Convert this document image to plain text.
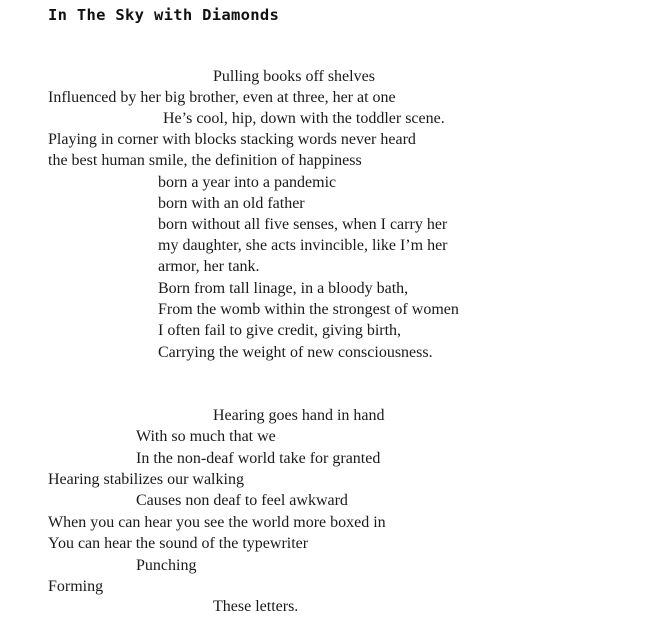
In The Sky with Diamonds
Pulling books off shelves
Influenced by her big brother, even at three, her at one
He’s cool, hip, down with the toddler scene.
Playing in corner with blocks stacking words never heard
the best human smile, the definition of happiness
born a year into a pandemic
born with an old father
born without all five senses, when I carry her
my daughter, she acts invincible, like I’m her
armor, her tank.
Born from tall linage, in a bloody bath,
From the womb within the strongest of women
I often fail to give credit, giving birth,
Carrying the weight of new consciousness.
Hearing goes hand in hand
With so much that we
In the non-deaf world take for granted
Hearing stabilizes our walking
Causes non deaf to feel awkward
When you can hear you see the world more boxed in
You can hear the sound of the typewriter
Punching
Forming
These letters.
